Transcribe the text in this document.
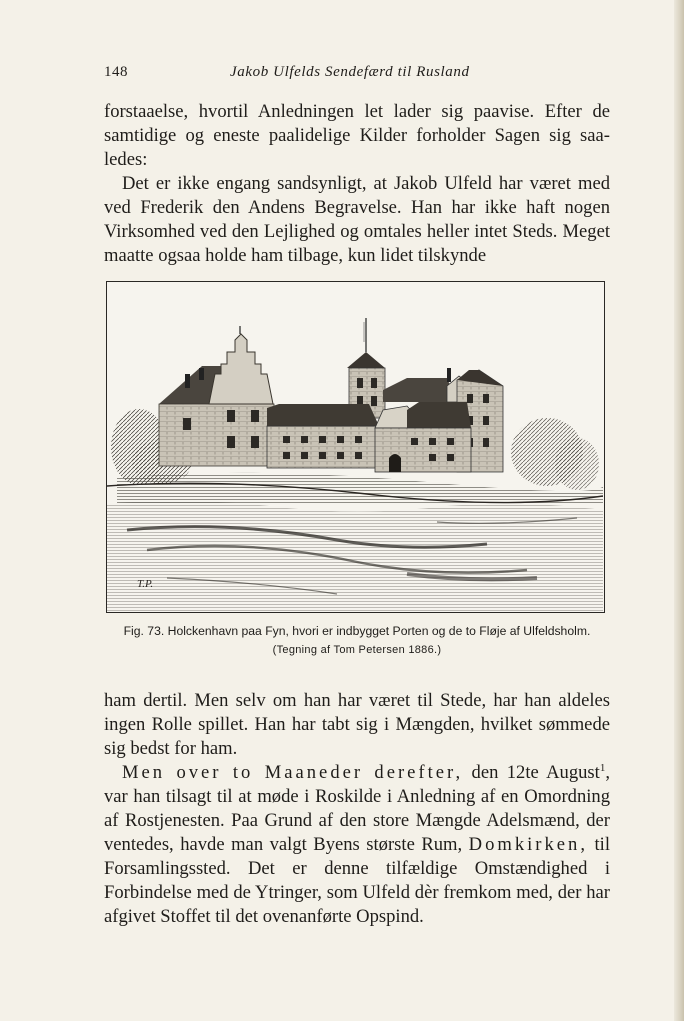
148	Jakob Ulfelds Sendefærd til Rusland

forstaaelse, hvortil Anledningen let lader sig paavise. Efter de samtidige og eneste paalidelige Kilder forholder Sagen sig saaledes:

Det er ikke engang sandsynligt, at Jakob Ulfeld har været med ved Frederik den Andens Begravelse. Han har ikke haft nogen Virksomhed ved den Lejlighed og omtales heller intet Steds. Meget maatte ogsaa holde ham tilbage, kun lidet tilskynde

T.P.
Fig. 73. Holckenhavn paa Fyn, hvori er indbygget Porten og de to Fløje af Ulfeldsholm.
(Tegning af Tom Petersen 1886.)

ham dertil. Men selv om han har været til Stede, har han aldeles ingen Rolle spillet. Han har tabt sig i Mængden, hvilket sømmede sig bedst for ham.

Men over to Maaneder derefter, den 12te August$^1$, var han tilsagt til at møde i Roskilde i Anledning af en Omordning af Rostjenesten. Paa Grund af den store Mængde Adelsmænd, der ventedes, havde man valgt Byens største Rum, Domkirken, til Forsamlingssted. Det er denne tilfældige Omstændighed i Forbindelse med de Ytringer, som Ulfeld dèr fremkom med, der har afgivet Stoffet til det ovenanførte Opspind.
